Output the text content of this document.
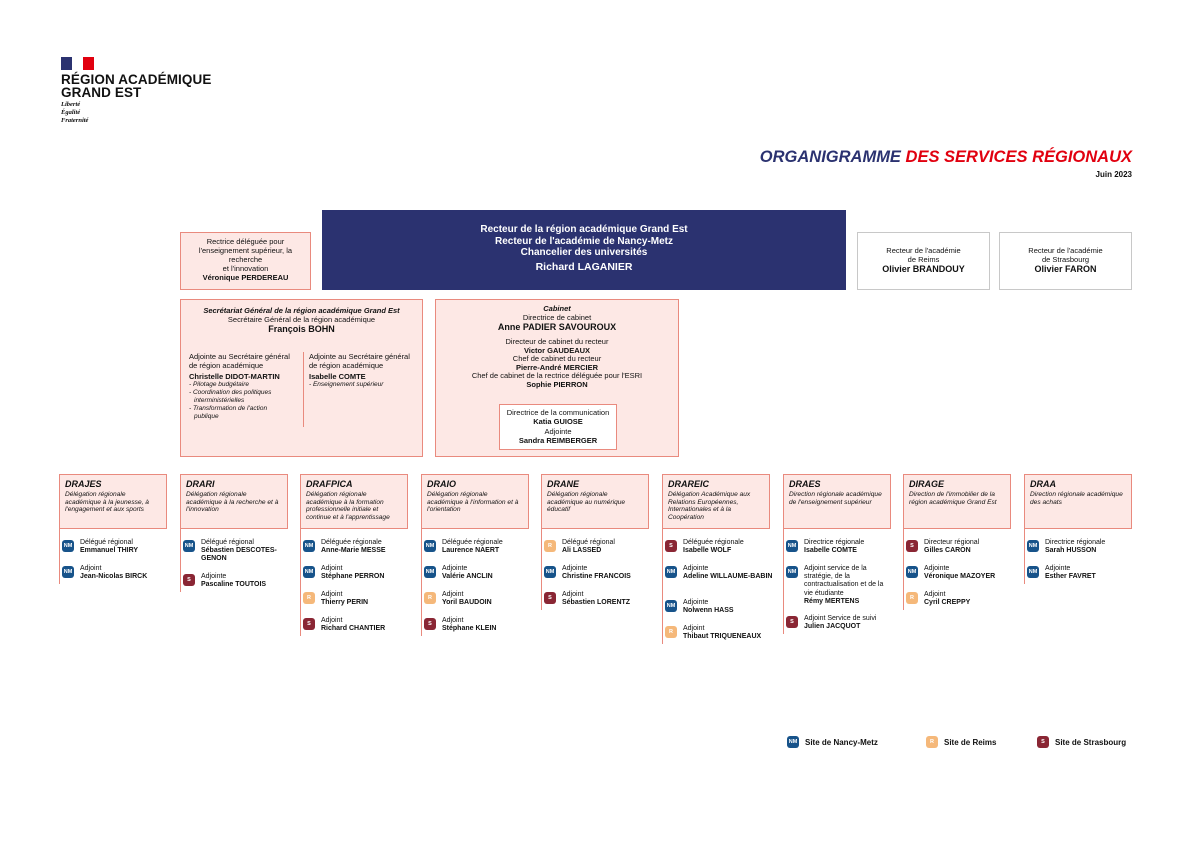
RÉGION ACADÉMIQUE
GRAND EST
Liberté
Égalité
Fraternité
ORGANIGRAMME DES SERVICES RÉGIONAUX
Juin 2023
Rectrice déléguée pour
l'enseignement supérieur, la
recherche
et l'innovation
Véronique PERDEREAU
Recteur de la région académique Grand Est
Recteur de l'académie de Nancy-Metz
Chancelier des universités
Richard LAGANIER
Recteur de l'académie
de Reims
Olivier BRANDOUY
Recteur de l'académie
de Strasbourg
Olivier FARON
Secrétariat Général de la région académique Grand Est
Secrétaire Général de la région académique
François BOHN
Adjointe au Secrétaire général
de région académique
Christelle DIDOT-MARTIN
- Pilotage budgétaire
- Coordination des politiques
interministérielles
- Transformation de l'action
publique
Adjointe au Secrétaire général
de région académique
Isabelle COMTE
- Enseignement supérieur
Cabinet
Directrice de cabinet
Anne PADIER SAVOUROUX
Directeur de cabinet du recteur
Victor GAUDEAUX
Chef de cabinet du recteur
Pierre-André MERCIER
Chef de cabinet de la rectrice déléguée pour l'ESRI
Sophie PIERRON
Directrice de la communication
Katia GUIOSE
Adjointe
Sandra REIMBERGER
DRAJES
Délégation régionale académique à la jeunesse, à l'engagement et aux sports
NM Délégué régional
Emmanuel THIRY
NM Adjoint
Jean-Nicolas BIRCK
DRARI
Délégation régionale académique à la recherche et à l'innovation
NM Délégué régional
Sébastien DESCOTES-GENON
S	Adjointe
Pascaline TOUTOIS
DRAFPICA
Délégation régionale académique à la formation professionnelle initiale et continue et à l'apprentissage
NM Déléguée régionale
Anne-Marie MESSE
NM Adjoint
Stéphane PERRON
R	Adjoint
Thierry PERIN
S	Adjoint
Richard CHANTIER
DRAIO
Délégation régionale académique à l'information et à l'orientation
NM Déléguée régionale
Laurence NAERT
NM Adjointe
Valérie ANCLIN
R	Adjoint
Yoril BAUDOIN
S	Adjoint
Stéphane KLEIN
DRANE
Délégation régionale académique au numérique éducatif
R	Délégué régional
Ali LASSED
NM Adjointe
Christine FRANCOIS
S	Adjoint
Sébastien LORENTZ
DRAREIC
Délégation Académique aux Relations Européennes, Internationales et à la Coopération
S	Déléguée régionale
Isabelle WOLF
NM Adjointe
Adeline WILLAUME-BABIN
NM Adjointe
Nolwenn HASS
R	Adjoint
Thibaut TRIQUENEAUX
DRAES
Direction régionale académique de l'enseignement supérieur
NM Directrice régionale
Isabelle COMTE
NM Adjoint service de la stratégie, de la contractualisation et de la vie étudiante
Rémy MERTENS
S	Adjoint Service de suivi
Julien JACQUOT
DIRAGE
Direction de l'immobilier de la région académique Grand Est
S	Directeur régional
Gilles CARON
NM Adjointe
Véronique MAZOYER
R	Adjoint
Cyril CREPPY
DRAA
Direction régionale académique des achats
NM Directrice régionale
Sarah HUSSON
NM Adjointe
Esther FAVRET
NM Site de Nancy-Metz	R	Site de Reims	S	Site de Strasbourg
